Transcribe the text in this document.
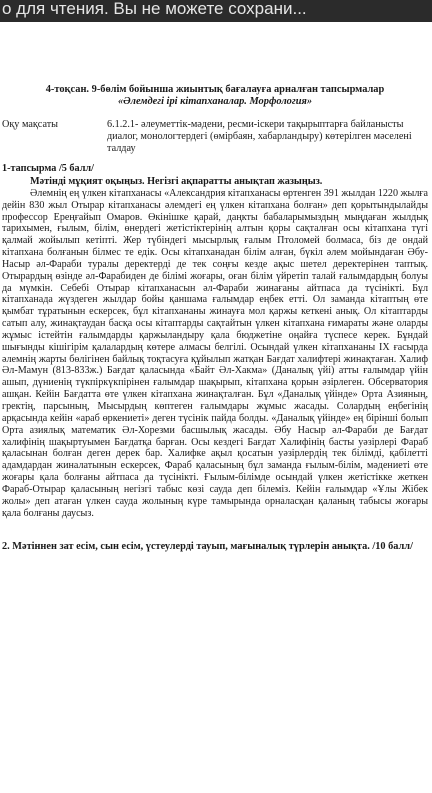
о для чтения. Вы не можете сохрани...
4-тоқсан. 9-бөлім бойынша жиынтық бағалауға арналған тапсырмалар
«Әлемдегі ірі кітапханалар. Морфология»
Оқу мақсаты	6.1.2.1- әлеуметтік-мәдени, ресми-іскери тақырыптарға байланысты диалог, монологтердегі (өмірбаян, хабарландыру) көтерілген мәселені талдау
1-тапсырма /5 балл/
Мәтінді мұқият оқыңыз. Негізгі ақпаратты анықтап жазыңыз.

Әлемнің ең үлкен кітапханасы «Александрия кітапханасы өртенген 391 жылдан 1220 жылға дейін 830 жыл Отырар кітапханасы әлемдегі ең үлкен кітапхана болған» деп қорытындылайды профессор Ереңғайып Омаров. Өкінішке қарай, даңкты бабаларымыздың мыңдаған жылдық тарихымен, ғылым, білім, өнердегі жетістіктерінің алтын қоры сақталған осы кітапхана түгі қалмай жойылып кетіпті. Жер түбіндегі мысырлық ғалым Птоломей болмаса, біз де ондай кітапхана болғанын білмес те едік. Осы кітапханадан білім алған, бүкіл әлем мойындаған Әбу-Насыр әл-Фараби туралы деректерді де тек соңғы кезде ақыс шетел деректерінен таптық. Отырардың өзінде әл-Фарабиден де білімі жоғары, оған білім үйретіп талай ғалымдардың болуы да мүмкін. Себебі Отырар кітапханасын әл-Фараби жинағаны айтпаса да түсінікті. Бұл кітапханада жүздеген жылдар бойы қаншама ғалымдар еңбек етті. Ол заманда кітаптың өте қымбат тұратынын ескерсек, бұл кітапхананы жинауға мол қаржы кеткені анық. Ол кітаптарды сатып алу, жинақтаудан басқа осы кітаптарды сақтайтын үлкен кітапхана ғимараты және оларды жұмыс істейтін ғалымдарды қаржыландыру қала бюджетіне оңайға түспесе керек. Бұндай шығынды кішігірім қалалардың көтере алмасы белгілі. Осындай үлкен кітапхананы IX ғасырда әлемнің жарты бөлігінен байлық тоқтасуға құйылып жатқан Бағдат халифтері жинақтаған. Халиф Әл-Мамун (813-833ж.) Бағдат қаласында «Байт Әл-Хакма» (Даналық үйі) атты ғалымдар үйін ашып, дүниенің түкпіркүкпірінен ғалымдар шақырып, кітапхана қорын әзірлеген. Обсерватория ашқан. Кейін Бағдатта өте үлкен кітапхана жинақталған. Бұл «Даналық үйінде» Орта Азияның, гректің, парсының, Мысырдың көптеген ғалымдары жұмыс жасады. Солардың еңбегінің арқасында кейін «араб өркениеті» деген түсінік пайда болды. «Даналық үйінде» ең бірінші болып Орта азиялық математик Әл-Хорезми басшылық жасады. Әбу Насыр әл-Фараби де Бағдат халифінің шақыртуымен Бағдатқа барған. Осы кездегі Бағдат Халифінің басты уәзірлері Фараб қаласынан болған деген дерек бар. Халифке ақыл қосатын уәзірлердің тек білімді, қабілетті адамдардан жиналатынын ескерсек, Фараб қаласының бұл заманда ғылым-білім, мәдениеті өте жоғары қала болғаны айтпаса да түсінікті. Ғылым-білімде осындай үлкен жетістікке жеткен Фараб-Отырар қаласының негізгі табыс көзі сауда деп білеміз. Кейін ғалымдар «Ұлы Жібек жолы» деп атаған үлкен сауда жолының күре тамырында орналасқан қаланың табысы жоғары қала болғаны даусыз.

2. Мәтіннен зат есім, сын есім, үстеулерді тауып, мағыналық түрлерін анықта. /10 балл/
